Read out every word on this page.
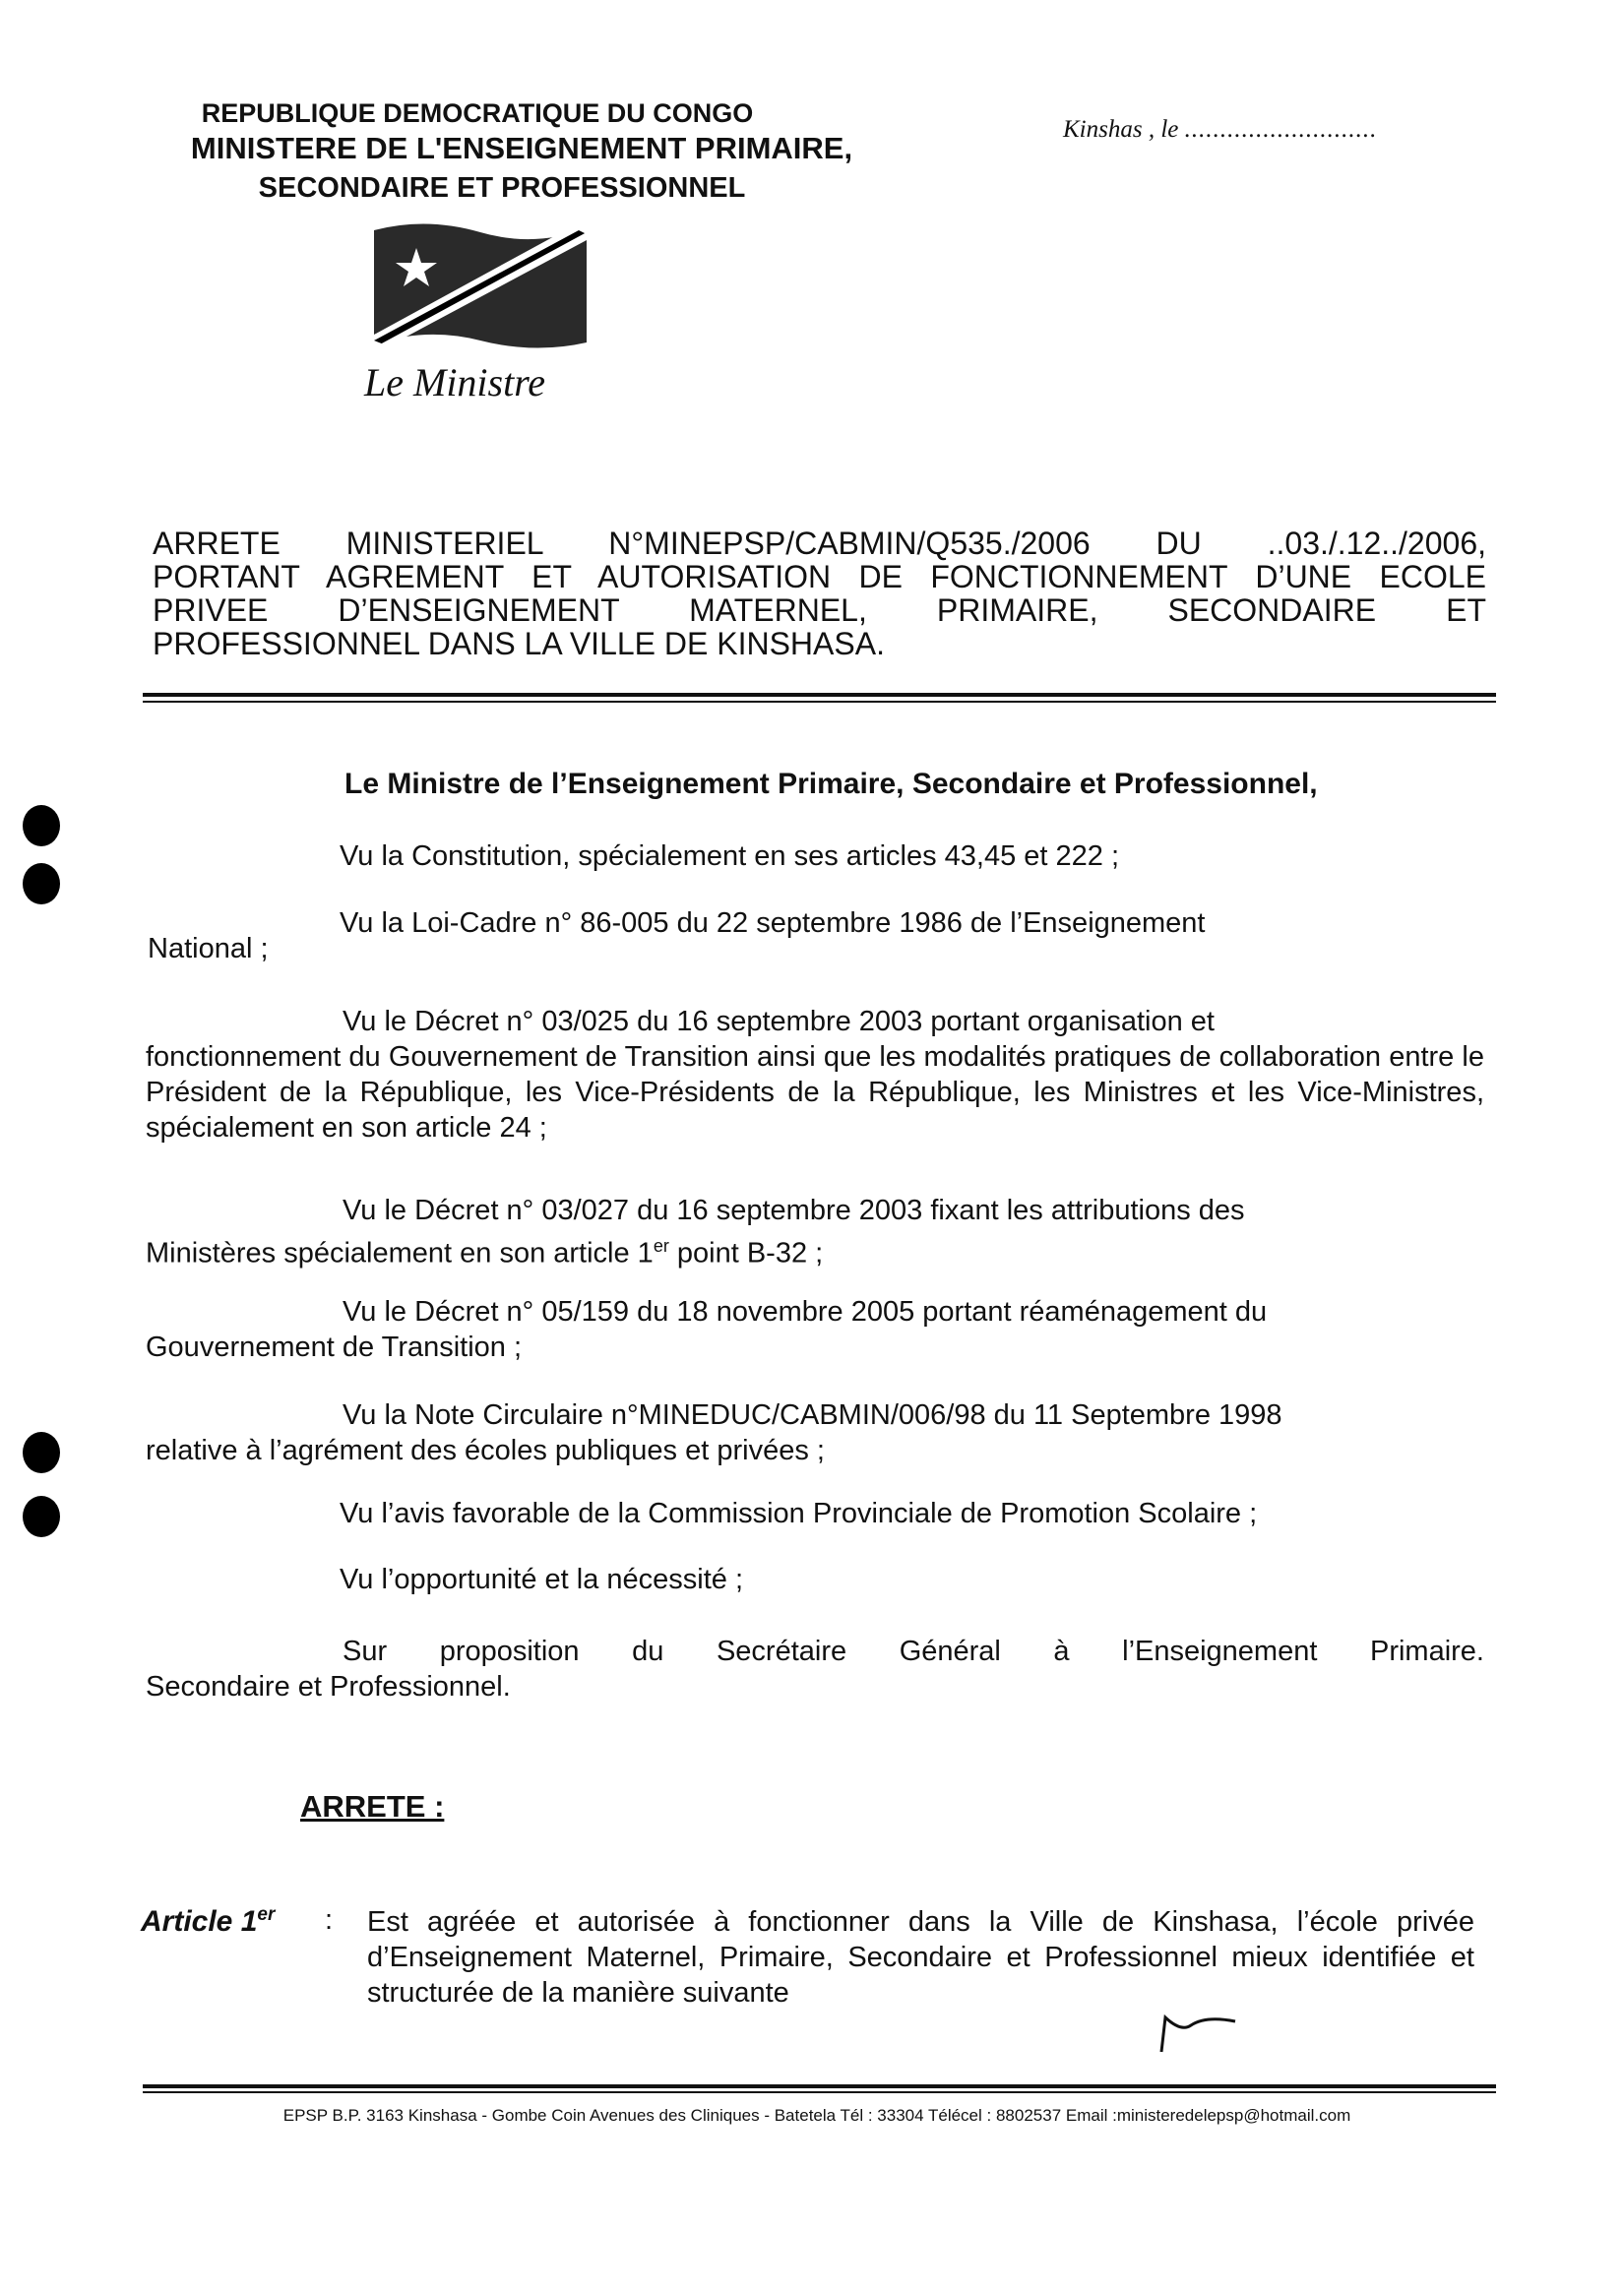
REPUBLIQUE DEMOCRATIQUE DU CONGO
MINISTERE DE L'ENSEIGNEMENT PRIMAIRE,
SECONDAIRE ET PROFESSIONNEL
Kinshas , le ...........................
Le Ministre

ARRETE MINISTERIEL N°MINEPSP/CABMIN/Q535./2006 DU ..03./.12../2006,

PORTANT AGREMENT ET AUTORISATION DE FONCTIONNEMENT D’UNE ECOLE

PRIVEE D’ENSEIGNEMENT MATERNEL, PRIMAIRE, SECONDAIRE ET

PROFESSIONNEL DANS LA VILLE DE KINSHASA.

Le Ministre de l’Enseignement Primaire, Secondaire et Professionnel,
Vu la Constitution, spécialement en ses articles 43,45 et 222 ;
Vu la Loi-Cadre n° 86-005 du 22 septembre 1986 de l’Enseignement
National ;
Vu le Décret n° 03/025 du 16 septembre 2003 portant organisation et
fonctionnement du Gouvernement de Transition ainsi que les modalités pratiques de collaboration entre le Président de la République, les Vice-Présidents de la République, les Ministres et les Vice-Ministres, spécialement en son article 24 ;
Vu le Décret n° 03/027 du 16 septembre 2003 fixant les attributions des
Ministères spécialement en son article 1er point B-32 ;
Vu le Décret n° 05/159 du 18 novembre 2005 portant réaménagement du
Gouvernement de Transition ;
Vu la Note Circulaire n°MINEDUC/CABMIN/006/98 du 11 Septembre 1998
relative à l’agrément des écoles publiques et privées ;
Vu l’avis favorable de la Commission Provinciale de Promotion Scolaire ;
Vu l’opportunité et la nécessité ;
Sur proposition du Secrétaire Général à l’Enseignement Primaire.
Secondaire et Professionnel.
ARRETE :
Article 1er : Est agréée et autorisée à fonctionner dans la Ville de Kinshasa, l’école privée d’Enseignement Maternel, Primaire, Secondaire et Professionnel mieux identifiée et structurée de la manière suivante
EPSP B.P. 3163 Kinshasa - Gombe Coin Avenues des Cliniques - Batetela Tél : 33304 Télécel : 8802537 Email :ministeredelepsp@hotmail.com
